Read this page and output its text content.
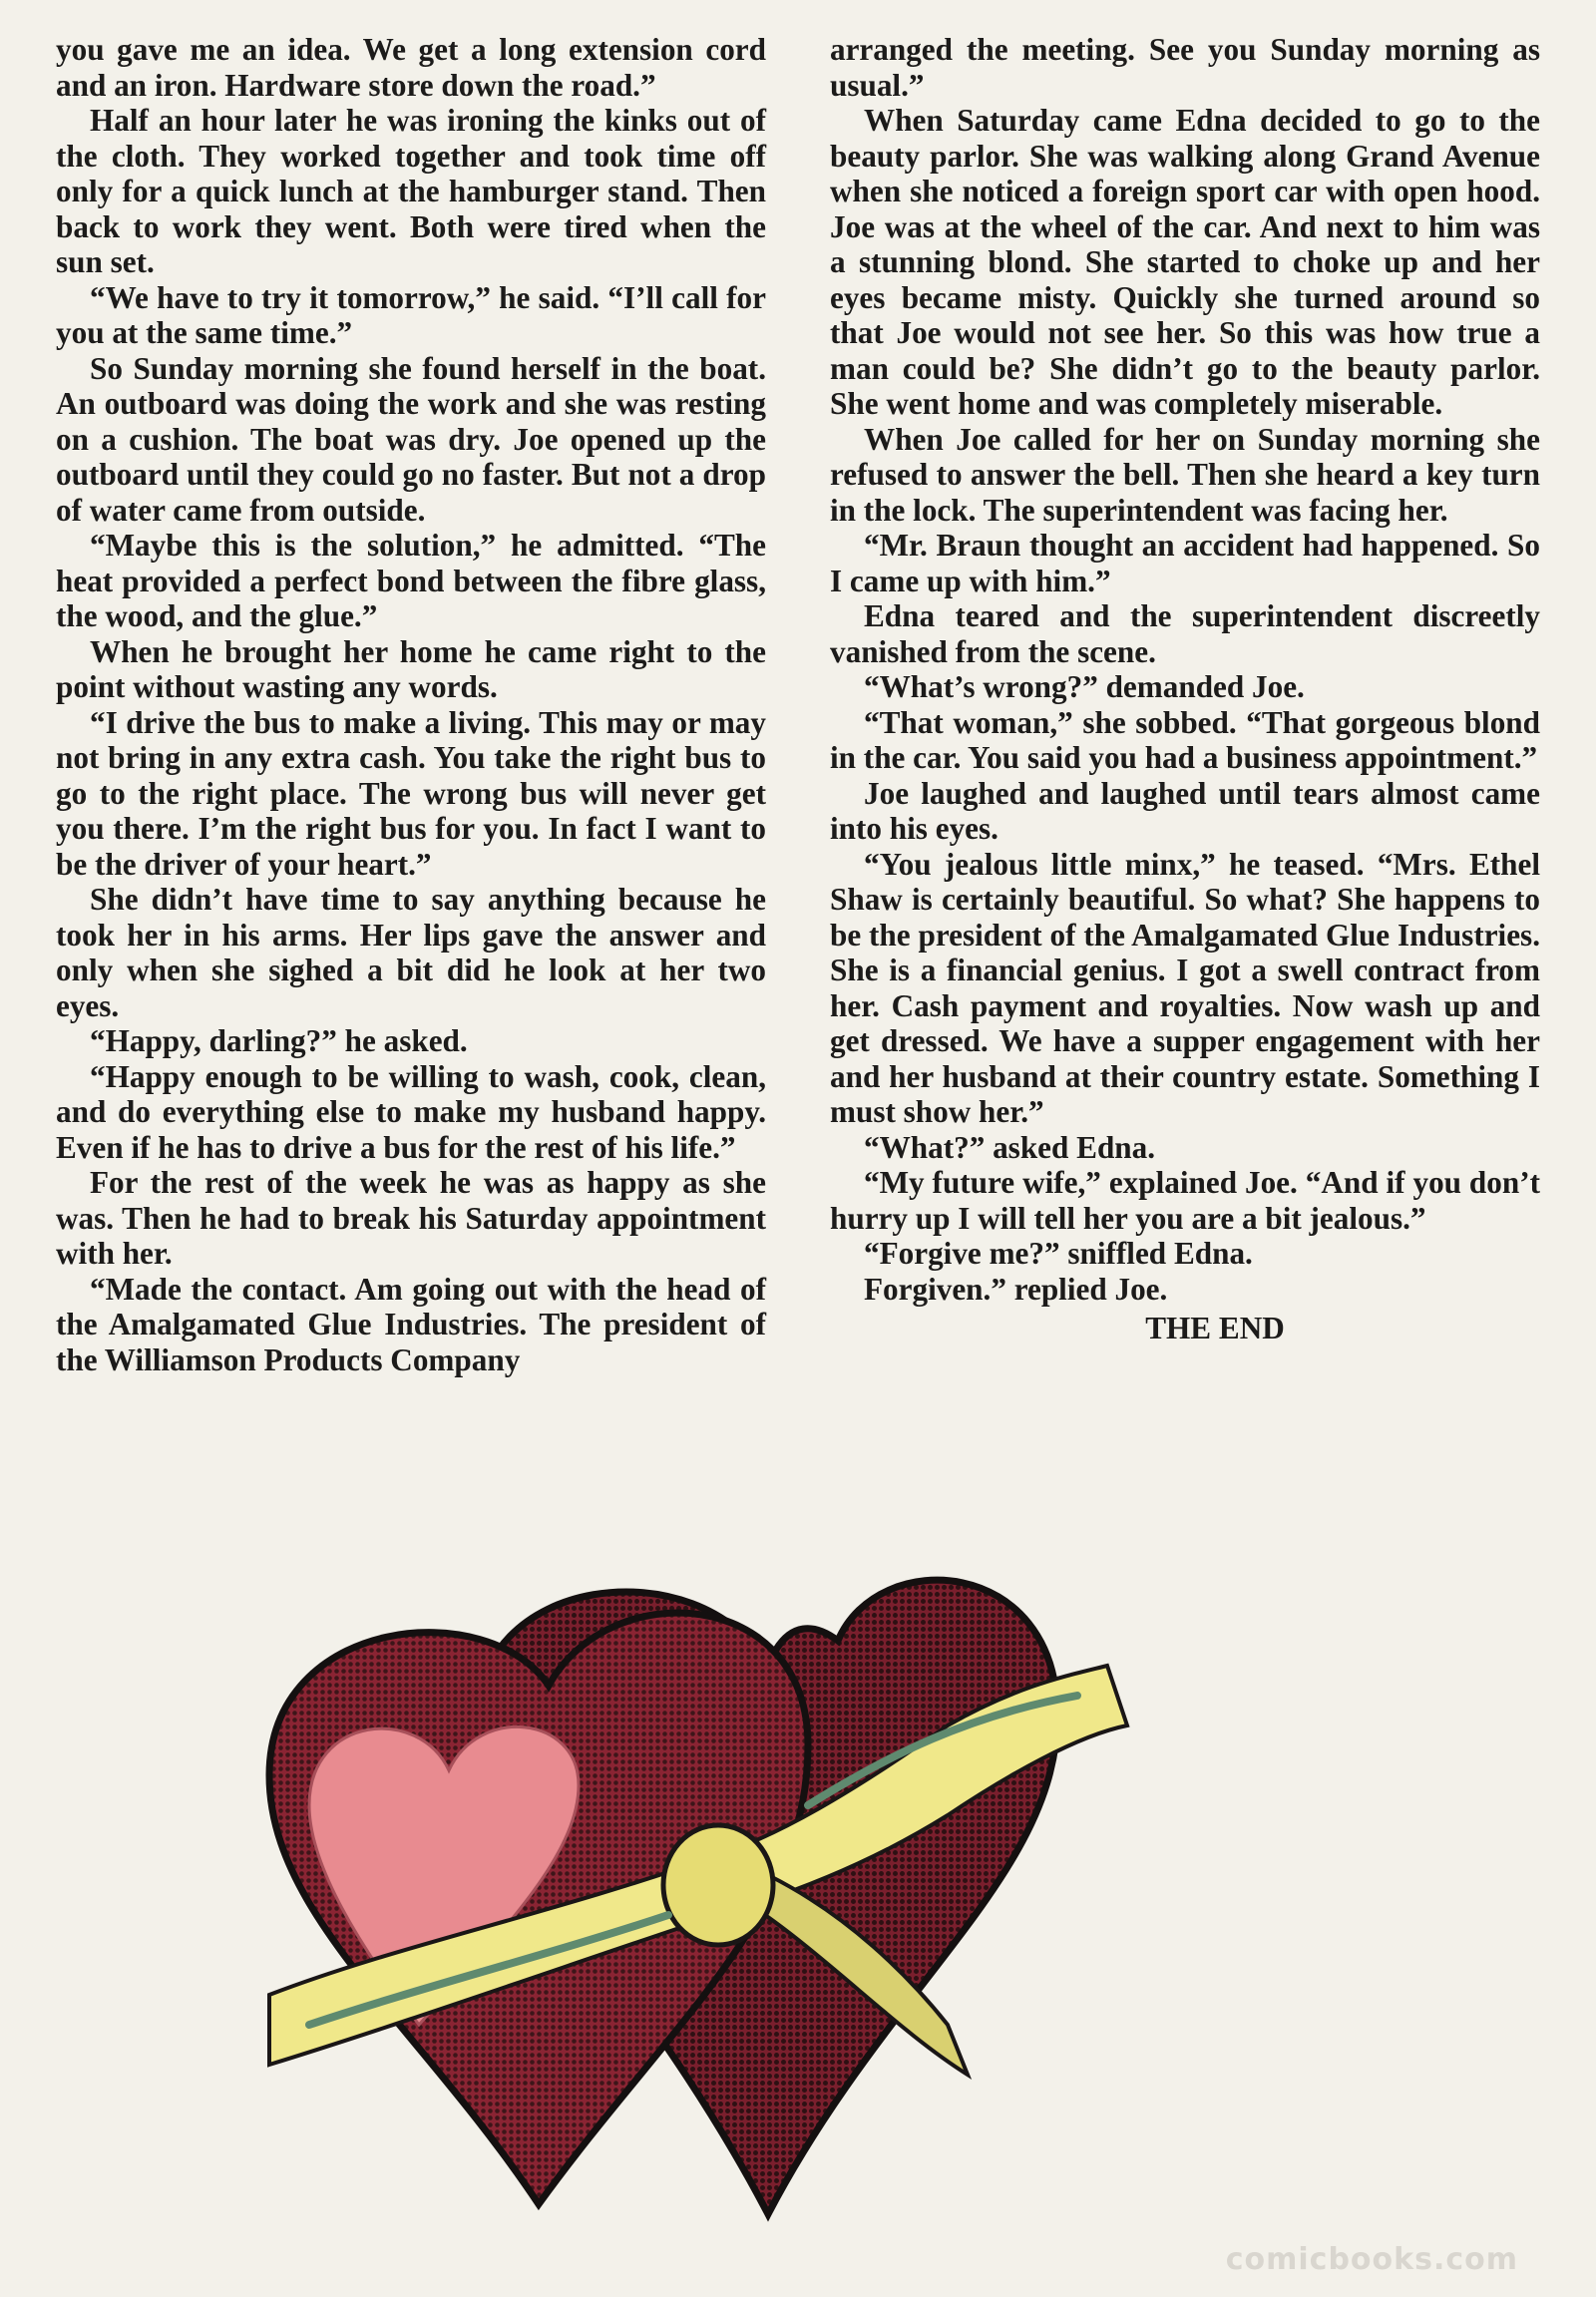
you gave me an idea. We get a long extension cord and an iron. Hardware store down the road.”

Half an hour later he was ironing the kinks out of the cloth. They worked together and took time off only for a quick lunch at the hamburger stand. Then back to work they went. Both were tired when the sun set.

“We have to try it tomorrow,” he said. “I’ll call for you at the same time.”

So Sunday morning she found herself in the boat. An outboard was doing the work and she was resting on a cushion. The boat was dry. Joe opened up the outboard until they could go no faster. But not a drop of water came from outside.

“Maybe this is the solution,” he admitted. “The heat provided a perfect bond between the fibre glass, the wood, and the glue.”

When he brought her home he came right to the point without wasting any words.

“I drive the bus to make a living. This may or may not bring in any extra cash. You take the right bus to go to the right place. The wrong bus will never get you there. I’m the right bus for you. In fact I want to be the driver of your heart.”

She didn’t have time to say anything because he took her in his arms. Her lips gave the answer and only when she sighed a bit did he look at her two eyes.

“Happy, darling?” he asked.

“Happy enough to be willing to wash, cook, clean, and do everything else to make my husband happy. Even if he has to drive a bus for the rest of his life.”

For the rest of the week he was as happy as she was. Then he had to break his Saturday appointment with her.

“Made the contact. Am going out with the head of the Amalgamated Glue Industries. The president of the Williamson Products Company

arranged the meeting. See you Sunday morning as usual.”

When Saturday came Edna decided to go to the beauty parlor. She was walking along Grand Avenue when she noticed a foreign sport car with open hood. Joe was at the wheel of the car. And next to him was a stunning blond. She started to choke up and her eyes became misty. Quickly she turned around so that Joe would not see her. So this was how true a man could be? She didn’t go to the beauty parlor. She went home and was completely miserable.

When Joe called for her on Sunday morning she refused to answer the bell. Then she heard a key turn in the lock. The superintendent was facing her.

“Mr. Braun thought an accident had happened. So I came up with him.”

Edna teared and the superintendent discreetly vanished from the scene.

“What’s wrong?” demanded Joe.

“That woman,” she sobbed. “That gorgeous blond in the car. You said you had a business appointment.”

Joe laughed and laughed until tears almost came into his eyes.

“You jealous little minx,” he teased. “Mrs. Ethel Shaw is certainly beautiful. So what? She happens to be the president of the Amalgamated Glue Industries. She is a financial genius. I got a swell contract from her. Cash payment and royalties. Now wash up and get dressed. We have a supper engagement with her and her husband at their country estate. Something I must show her.”

“What?” asked Edna.

“My future wife,” explained Joe. “And if you don’t hurry up I will tell her you are a bit jealous.”

“Forgive me?” sniffled Edna.

Forgiven.” replied Joe.

THE END

comicbooks.com
